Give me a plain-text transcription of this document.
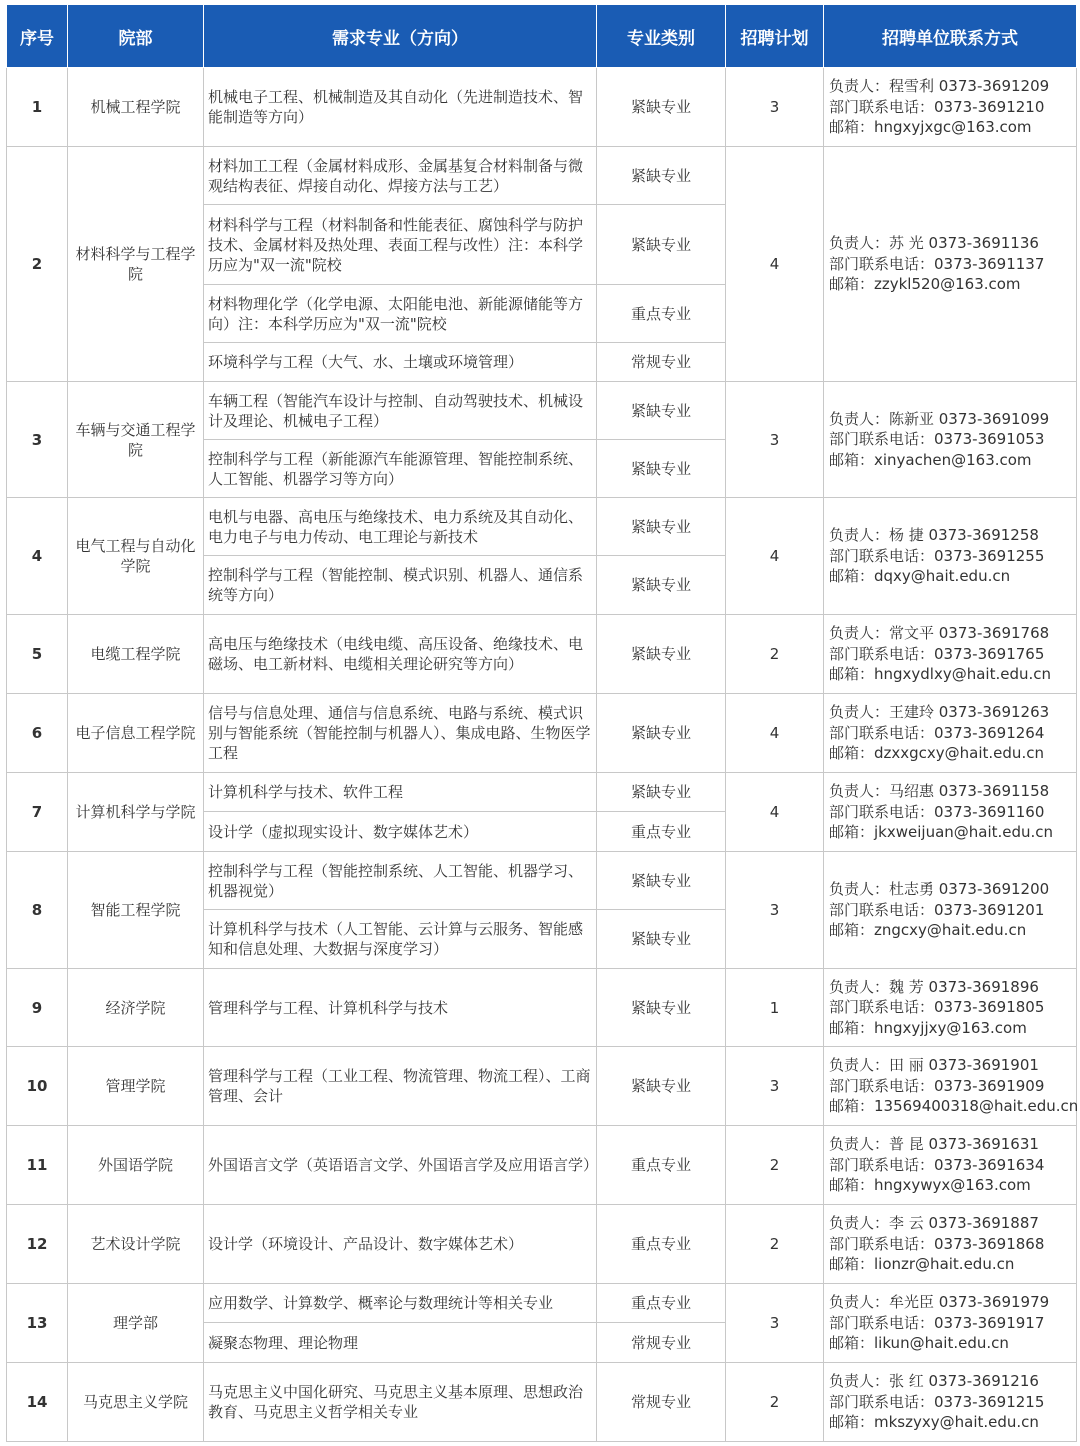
序号	院部	需求专业（方向）	专业类别	招聘计划	招聘单位联系方式
1	机械工程学院	机械电子工程、机械制造及其自动化（先进制造技术、智能制造等方向）	紧缺专业	3	负责人：程雪利 0373-3691209
部门联系电话：0373-3691210
邮箱：hngxyjxgc@163.com

2	材料科学与工程学院	材料加工工程（金属材料成形、金属基复合材料制备与微观结构表征、焊接自动化、焊接方法与工艺）	紧缺专业	4	负责人：苏 光 0373-3691136
部门联系电话：0373-3691137
邮箱：zzykl520@163.com

		材料科学与工程（材料制备和性能表征、腐蚀科学与防护技术、金属材料及热处理、表面工程与改性）注：本科学历应为"双一流"院校	紧缺专业		
		材料物理化学（化学电源、太阳能电池、新能源储能等方向）注：本科学历应为"双一流"院校	重点专业		
		环境科学与工程（大气、水、土壤或环境管理）	常规专业		
3	车辆与交通工程学院	车辆工程（智能汽车设计与控制、自动驾驶技术、机械设计及理论、机械电子工程）	紧缺专业	3	负责人：陈新亚 0373-3691099
部门联系电话：0373-3691053
邮箱：xinyachen@163.com

		控制科学与工程（新能源汽车能源管理、智能控制系统、人工智能、机器学习等方向）	紧缺专业		
4	电气工程与自动化学院	电机与电器、高电压与绝缘技术、电力系统及其自动化、电力电子与电力传动、电工理论与新技术	紧缺专业	4	负责人：杨 捷 0373-3691258
部门联系电话：0373-3691255
邮箱：dqxy@hait.edu.cn

		控制科学与工程（智能控制、模式识别、机器人、通信系统等方向）	紧缺专业		
5	电缆工程学院	高电压与绝缘技术（电线电缆、高压设备、绝缘技术、电磁场、电工新材料、电缆相关理论研究等方向）	紧缺专业	2	负责人：常文平 0373-3691768
部门联系电话：0373-3691765
邮箱：hngxydlxy@hait.edu.cn

6	电子信息工程学院	信号与信息处理、通信与信息系统、电路与系统、模式识别与智能系统（智能控制与机器人）、集成电路、生物医学工程	紧缺专业	4	负责人：王建玲 0373-3691263
部门联系电话：0373-3691264
邮箱：dzxxgcxy@hait.edu.cn

7	计算机科学与学院	计算机科学与技术、软件工程	紧缺专业	4	负责人：马绍惠 0373-3691158
部门联系电话：0373-3691160
邮箱：jkxweijuan@hait.edu.cn

		设计学（虚拟现实设计、数字媒体艺术）	重点专业		
8	智能工程学院	控制科学与工程（智能控制系统、人工智能、机器学习、机器视觉）	紧缺专业	3	负责人：杜志勇 0373-3691200
部门联系电话：0373-3691201
邮箱：zngcxy@hait.edu.cn

		计算机科学与技术（人工智能、云计算与云服务、智能感知和信息处理、大数据与深度学习）	紧缺专业		
9	经济学院	管理科学与工程、计算机科学与技术	紧缺专业	1	负责人：魏 芳 0373-3691896
部门联系电话：0373-3691805
邮箱：hngxyjjxy@163.com

10	管理学院	管理科学与工程（工业工程、物流管理、物流工程）、工商管理、会计	紧缺专业	3	负责人：田 丽 0373-3691901
部门联系电话：0373-3691909
邮箱：13569400318@hait.edu.cn

11	外国语学院	外国语言文学（英语语言文学、外国语言学及应用语言学）	重点专业	2	负责人：普 昆 0373-3691631
部门联系电话：0373-3691634
邮箱：hngxywyx@163.com

12	艺术设计学院	设计学（环境设计、产品设计、数字媒体艺术）	重点专业	2	负责人：李 云 0373-3691887
部门联系电话：0373-3691868
邮箱：lionzr@hait.edu.cn

13	理学部	应用数学、计算数学、概率论与数理统计等相关专业	重点专业	3	负责人：牟光臣 0373-3691979
部门联系电话：0373-3691917
邮箱：likun@hait.edu.cn

		凝聚态物理、理论物理	常规专业		
14	马克思主义学院	马克思主义中国化研究、马克思主义基本原理、思想政治教育、马克思主义哲学相关专业	常规专业	2	负责人：张 红 0373-3691216
部门联系电话：0373-3691215
邮箱：mkszyxy@hait.edu.cn
